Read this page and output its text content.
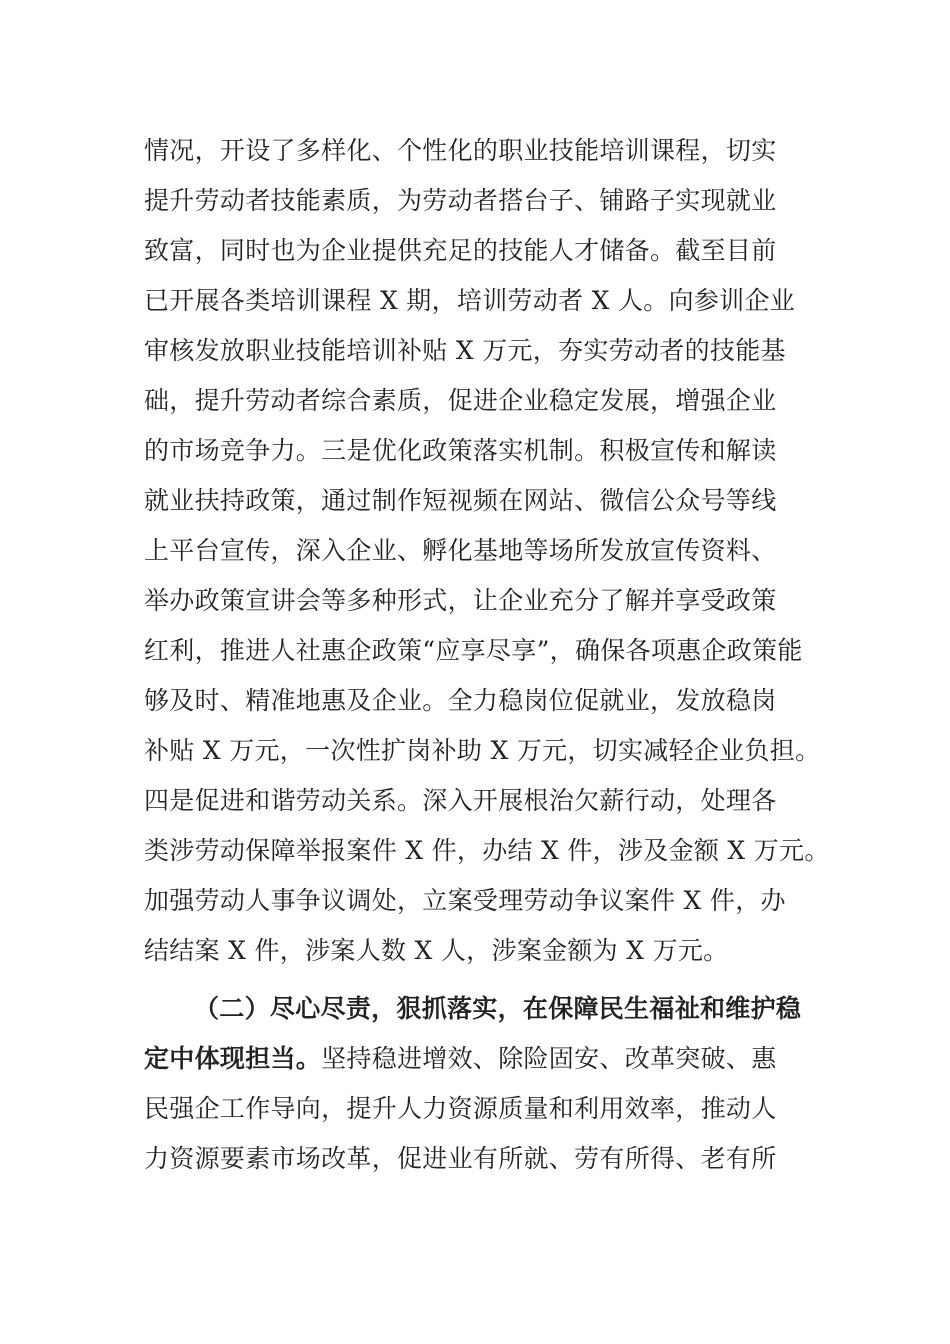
情况，开设了多样化、个性化的职业技能培训课程，切实
提升劳动者技能素质，为劳动者搭台子、铺路子实现就业
致富，同时也为企业提供充足的技能人才储备。截至目前
已开展各类培训课程 X 期，培训劳动者 X 人。向参训企业
审核发放职业技能培训补贴 X 万元，夯实劳动者的技能基
础，提升劳动者综合素质，促进企业稳定发展，增强企业
的市场竞争力。三是优化政策落实机制。积极宣传和解读
就业扶持政策，通过制作短视频在网站、微信公众号等线
上平台宣传，深入企业、孵化基地等场所发放宣传资料、
举办政策宣讲会等多种形式，让企业充分了解并享受政策
红利，推进人社惠企政策“应享尽享”，确保各项惠企政策能
够及时、精准地惠及企业。全力稳岗位促就业，发放稳岗
补贴 X 万元，一次性扩岗补助 X 万元，切实减轻企业负担。
四是促进和谐劳动关系。深入开展根治欠薪行动，处理各
类涉劳动保障举报案件 X 件，办结 X 件，涉及金额 X 万元。
加强劳动人事争议调处，立案受理劳动争议案件 X 件，办
结结案 X 件，涉案人数 X 人，涉案金额为 X 万元。
（二）尽心尽责，狠抓落实，在保障民生福祉和维护稳
定中体现担当。坚持稳进增效、除险固安、改革突破、惠
民强企工作导向，提升人力资源质量和利用效率，推动人
力资源要素市场改革，促进业有所就、劳有所得、老有所
